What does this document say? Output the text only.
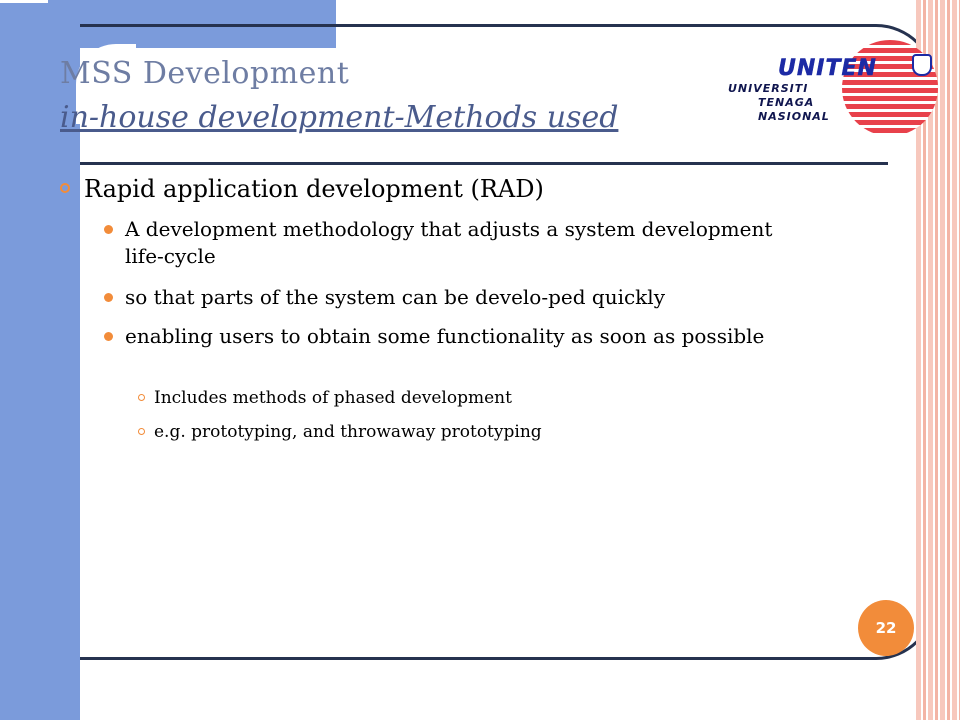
MSS Development
in-house development-Methods used
UNITEN
UNIVERSITI
TENAGA
NASIONAL
Rapid application development (RAD)
A development methodology that adjusts a system development life-cycle
so that parts of the system can be develo-ped quickly
enabling users to obtain some functionality as soon as possible
Includes methods of phased development
e.g. prototyping, and throwaway prototyping
22
